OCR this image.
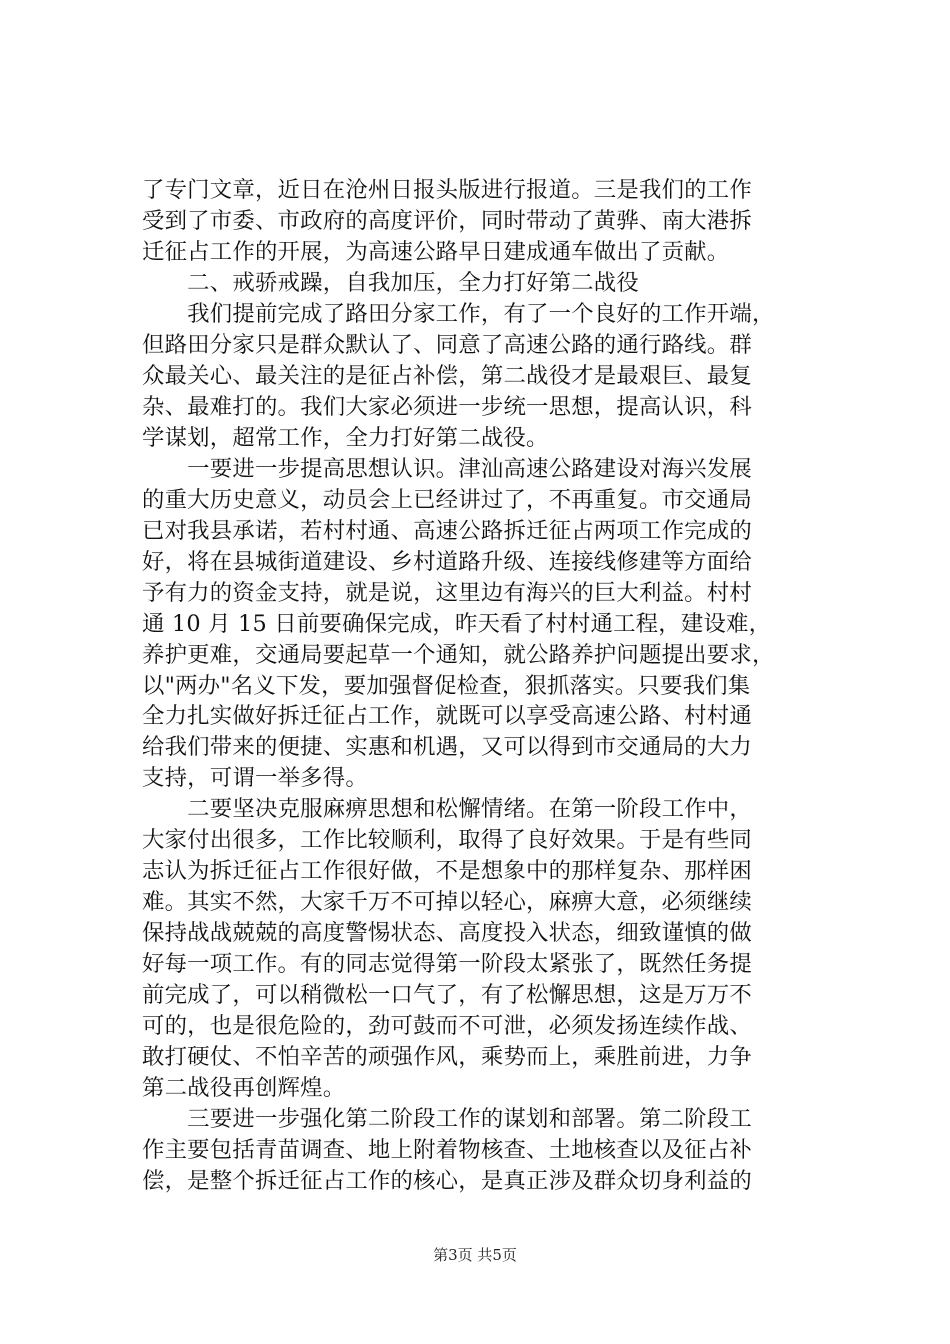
了专门文章，近日在沧州日报头版进行报道。三是我们的工作
受到了市委、市政府的高度评价，同时带动了黄骅、南大港拆
迁征占工作的开展，为高速公路早日建成通车做出了贡献。
　　二、戒骄戒躁，自我加压，全力打好第二战役
　　我们提前完成了路田分家工作，有了一个良好的工作开端，
但路田分家只是群众默认了、同意了高速公路的通行路线。群
众最关心、最关注的是征占补偿，第二战役才是最艰巨、最复
杂、最难打的。我们大家必须进一步统一思想，提高认识，科
学谋划，超常工作，全力打好第二战役。
　　一要进一步提高思想认识。津汕高速公路建设对海兴发展
的重大历史意义，动员会上已经讲过了，不再重复。市交通局
已对我县承诺，若村村通、高速公路拆迁征占两项工作完成的
好，将在县城街道建设、乡村道路升级、连接线修建等方面给
予有力的资金支持，就是说，这里边有海兴的巨大利益。村村
通 10 月 15 日前要确保完成，昨天看了村村通工程，建设难，
养护更难，交通局要起草一个通知，就公路养护问题提出要求，
以"两办"名义下发，要加强督促检查，狠抓落实。只要我们集
全力扎实做好拆迁征占工作，就既可以享受高速公路、村村通
给我们带来的便捷、实惠和机遇，又可以得到市交通局的大力
支持，可谓一举多得。
　　二要坚决克服麻痹思想和松懈情绪。在第一阶段工作中，
大家付出很多，工作比较顺利，取得了良好效果。于是有些同
志认为拆迁征占工作很好做，不是想象中的那样复杂、那样困
难。其实不然，大家千万不可掉以轻心，麻痹大意，必须继续
保持战战兢兢的高度警惕状态、高度投入状态，细致谨慎的做
好每一项工作。有的同志觉得第一阶段太紧张了，既然任务提
前完成了，可以稍微松一口气了，有了松懈思想，这是万万不
可的，也是很危险的，劲可鼓而不可泄，必须发扬连续作战、
敢打硬仗、不怕辛苦的顽强作风，乘势而上，乘胜前进，力争
第二战役再创辉煌。
　　三要进一步强化第二阶段工作的谋划和部署。第二阶段工
作主要包括青苗调查、地上附着物核查、土地核查以及征占补
偿，是整个拆迁征占工作的核心，是真正涉及群众切身利益的
第3页 共5页
